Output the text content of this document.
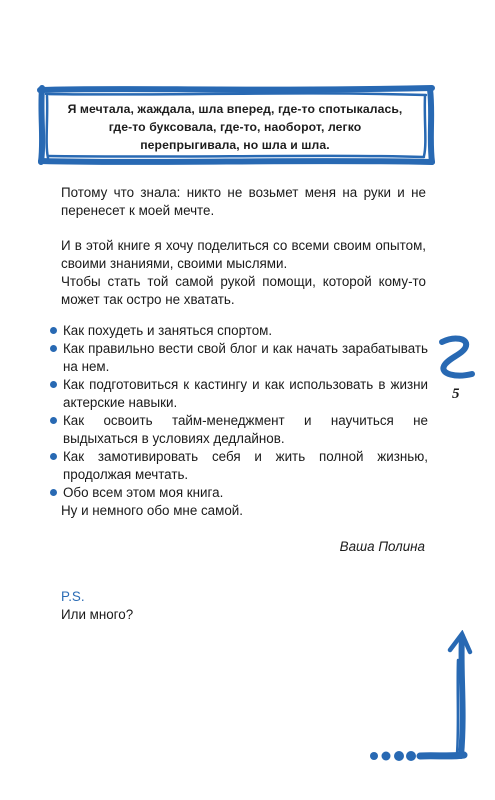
Я мечтала, жаждала, шла вперед, где-то спотыкалась,
где-то буксовала, где-то, наоборот, легко
перепрыгивала, но шла и шла.
Потому что знала: никто не возьмет меня на руки и не перенесет к моей мечте.
И в этой книге я хочу поделиться со всеми своим опытом, своими знаниями, своими мыслями.
Чтобы стать той самой рукой помощи, которой кому-то может так остро не хватать.
Как похудеть и заняться спортом.
Как правильно вести свой блог и как начать зарабатывать на нем.
Как подготовиться к кастингу и как использовать в жизни актерские навыки.
Как освоить тайм-менеджмент и научиться не выдыхаться в условиях дедлайнов.
Как замотивировать себя и жить полной жизнью, продолжая мечтать.
Обо всем этом моя книга.
Ну и немного обо мне самой.
Ваша Полина
P.S.
Или много?
5
